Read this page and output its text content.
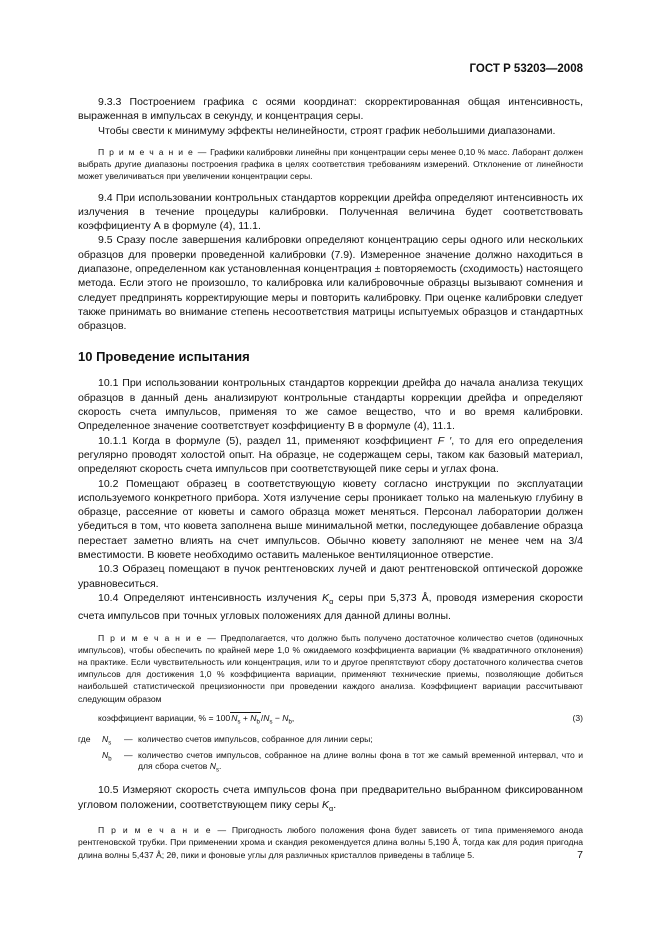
ГОСТ Р 53203—2008

9.3.3 Построением графика с осями координат: скорректированная общая интенсивность, выраженная в импульсах в секунду, и концентрация серы.

Чтобы свести к минимуму эффекты нелинейности, строят график небольшими диапазонами.

П р и м е ч а н и е — Графики калибровки линейны при концентрации серы менее 0,10 % масс. Лаборант должен выбрать другие диапазоны построения графика в целях соответствия требованиям измерений. Отклонение от линейности может увеличиваться при увеличении концентрации серы.

9.4 При использовании контрольных стандартов коррекции дрейфа определяют интенсивность их излучения в течение процедуры калибровки. Полученная величина будет соответствовать коэффициенту А в формуле (4), 11.1.

9.5 Сразу после завершения калибровки определяют концентрацию серы одного или нескольких образцов для проверки проведенной калибровки (7.9). Измеренное значение должно находиться в диапазоне, определенном как установленная концентрация ± повторяемость (сходимость) настоящего метода. Если этого не произошло, то калибровка или калибровочные образцы вызывают сомнения и следует предпринять корректирующие меры и повторить калибровку. При оценке калибровки следует также принимать во внимание степень несоответствия матрицы испытуемых образцов и стандартных образцов.

10 Проведение испытания

10.1 При использовании контрольных стандартов коррекции дрейфа до начала анализа текущих образцов в данный день анализируют контрольные стандарты коррекции дрейфа и определяют скорость счета импульсов, применяя то же самое вещество, что и во время калибровки. Определенное значение соответствует коэффициенту В в формуле (4), 11.1.

10.1.1 Когда в формуле (5), раздел 11, применяют коэффициент F ′, то для его определения регулярно проводят холостой опыт. На образце, не содержащем серы, таком как базовый материал, определяют скорость счета импульсов при соответствующей пике серы и углах фона.

10.2 Помещают образец в соответствующую кювету согласно инструкции по эксплуатации используемого конкретного прибора. Хотя излучение серы проникает только на маленькую глубину в образце, рассеяние от кюветы и самого образца может меняться. Персонал лаборатории должен убедиться в том, что кювета заполнена выше минимальной метки, последующее добавление образца перестает заметно влиять на счет импульсов. Обычно кювету заполняют не менее чем на 3/4 вместимости. В кювете необходимо оставить маленькое вентиляционное отверстие.

10.3 Образец помещают в пучок рентгеновских лучей и дают рентгеновской оптической дорожке уравновеситься.

10.4 Определяют интенсивность излучения $K_\alpha$ серы при 5,373 Å, проводя измерения скорости счета импульсов при точных угловых положениях для данной длины волны.

П р и м е ч а н и е — Предполагается, что должно быть получено достаточное количество счетов (одиночных импульсов), чтобы обеспечить по крайней мере 1,0 % ожидаемого коэффициента вариации (% квадратичного отклонения) на практике. Если чувствительность или концентрация, или то и другое препятствуют сбору достаточного количества счетов импульсов для достижения 1,0 % коэффициента вариации, применяют технические приемы, позволяющие добиться наибольшей статистической прецизионности при проведении каждого анализа. Коэффициент вариации рассчитывают следующим образом

коэффициент вариации, % = $100N_s + N_b/N_s - N_b$,	(3)
где	$N_s$	— количество счетов импульсов, собранное для линии серы;
$N_b$	— количество счетов импульсов, собранное на длине волны фона в тот же самый временной интервал, что и для сбора счетов $N_s$.

10.5 Измеряют скорость счета импульсов фона при предварительно выбранном фиксированном угловом положении, соответствующем пику серы $K_\alpha$.

П р и м е ч а н и е — Пригодность любого положения фона будет зависеть от типа применяемого анода рентгеновской трубки. При применении хрома и скандия рекомендуется длина волны 5,190 Å, тогда как для родия пригодна длина волны 5,437 Å; 2θ, пики и фоновые углы для различных кристаллов приведены в таблице 5.	7
